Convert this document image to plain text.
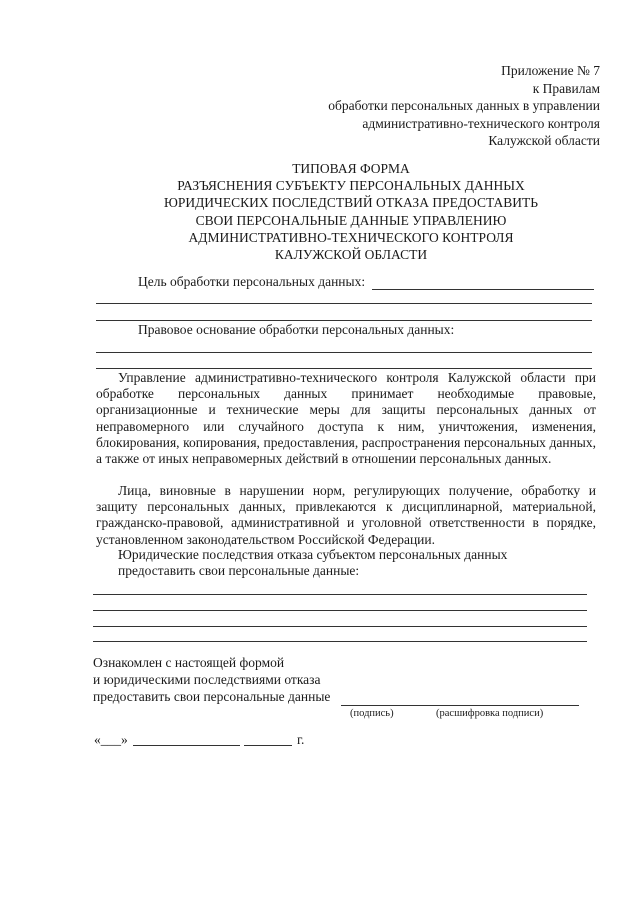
Приложение № 7
к Правилам
обработки персональных данных в управлении
административно-технического контроля
Калужской области
ТИПОВАЯ ФОРМА
РАЗЪЯСНЕНИЯ СУБЪЕКТУ ПЕРСОНАЛЬНЫХ ДАННЫХ
ЮРИДИЧЕСКИХ ПОСЛЕДСТВИЙ ОТКАЗА ПРЕДОСТАВИТЬ
СВОИ ПЕРСОНАЛЬНЫЕ ДАННЫЕ УПРАВЛЕНИЮ
АДМИНИСТРАТИВНО-ТЕХНИЧЕСКОГО КОНТРОЛЯ
КАЛУЖСКОЙ ОБЛАСТИ
Цель обработки персональных данных:
Правовое основание обработки персональных данных:
Управление административно-технического контроля Калужской области при обработке персональных данных принимает необходимые правовые, организационные и технические меры для защиты персональных данных от неправомерного или случайного доступа к ним, уничтожения, изменения, блокирования, копирования, предоставления, распространения персональных данных, а также от иных неправомерных действий в отношении персональных данных.
Лица, виновные в нарушении норм, регулирующих получение, обработку и защиту персональных данных, привлекаются к дисциплинарной, материальной, гражданско-правовой, административной и уголовной ответственности в порядке, установленном законодательством Российской Федерации.
Юридические последствия отказа субъектом персональных данных
предоставить свои персональные данные:
Ознакомлен с настоящей формой
и юридическими последствиями отказа
предоставить свои персональные данные
(подпись)	(расшифровка подписи)
«___»	г.
